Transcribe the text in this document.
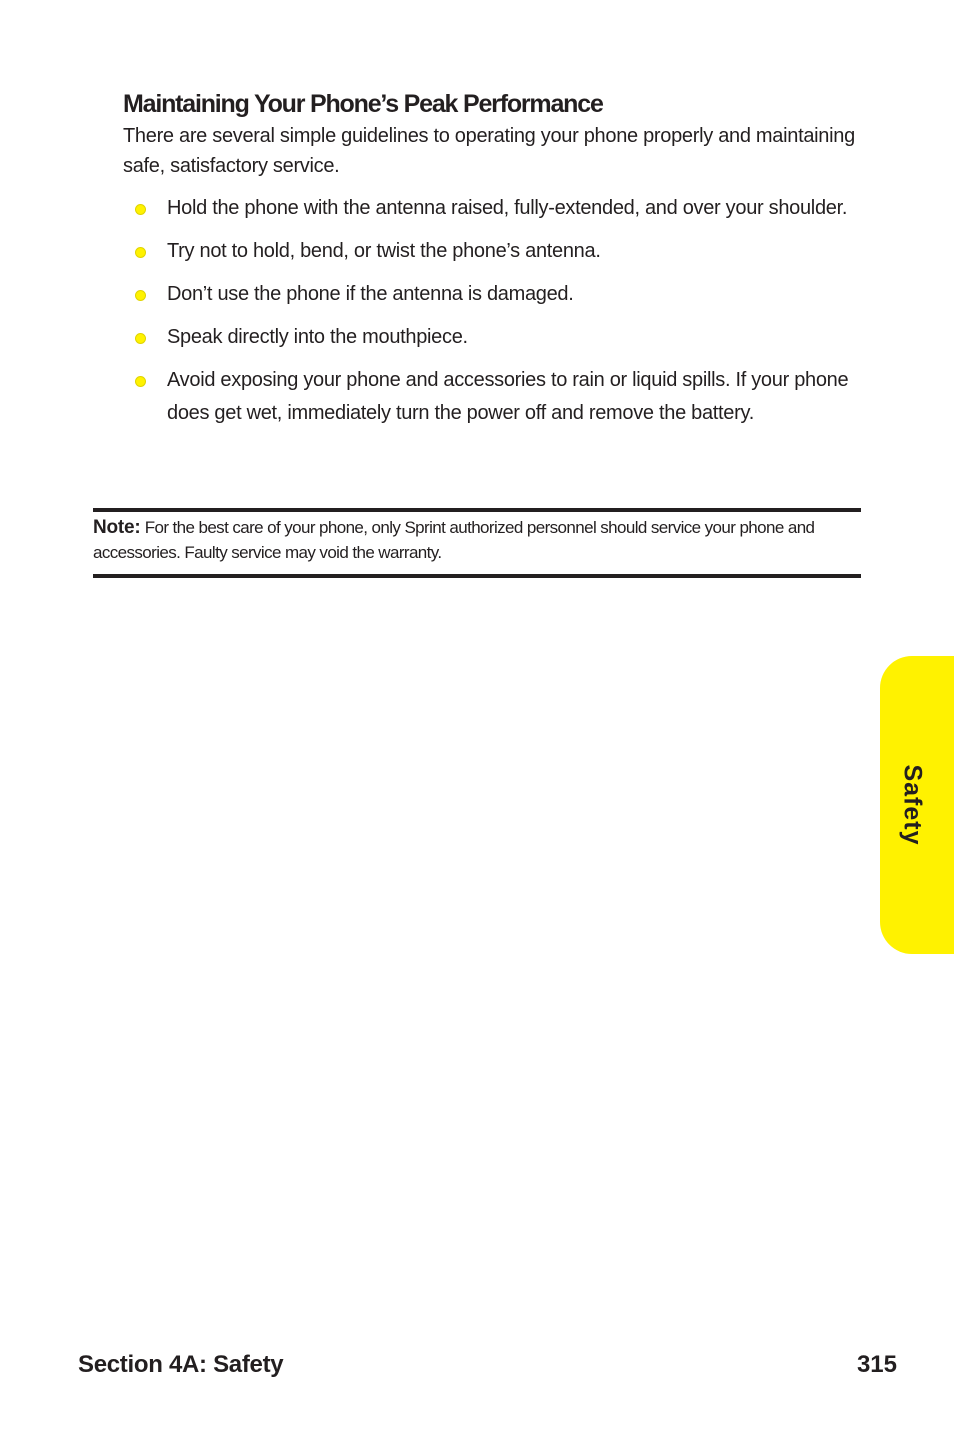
Maintaining Your Phone’s Peak Performance

There are several simple guidelines to operating your phone properly and maintaining safe, satisfactory service.

Hold the phone with the antenna raised, fully-extended, and over your shoulder.
Try not to hold, bend, or twist the phone’s antenna.
Don’t use the phone if the antenna is damaged.
Speak directly into the mouthpiece.
Avoid exposing your phone and accessories to rain or liquid spills. If your phone does get wet, immediately turn the power off and remove the battery.

Note: For the best care of your phone, only Sprint authorized personnel should service your phone and accessories. Faulty service may void the warranty.

Safety
Section 4A: Safety	315
